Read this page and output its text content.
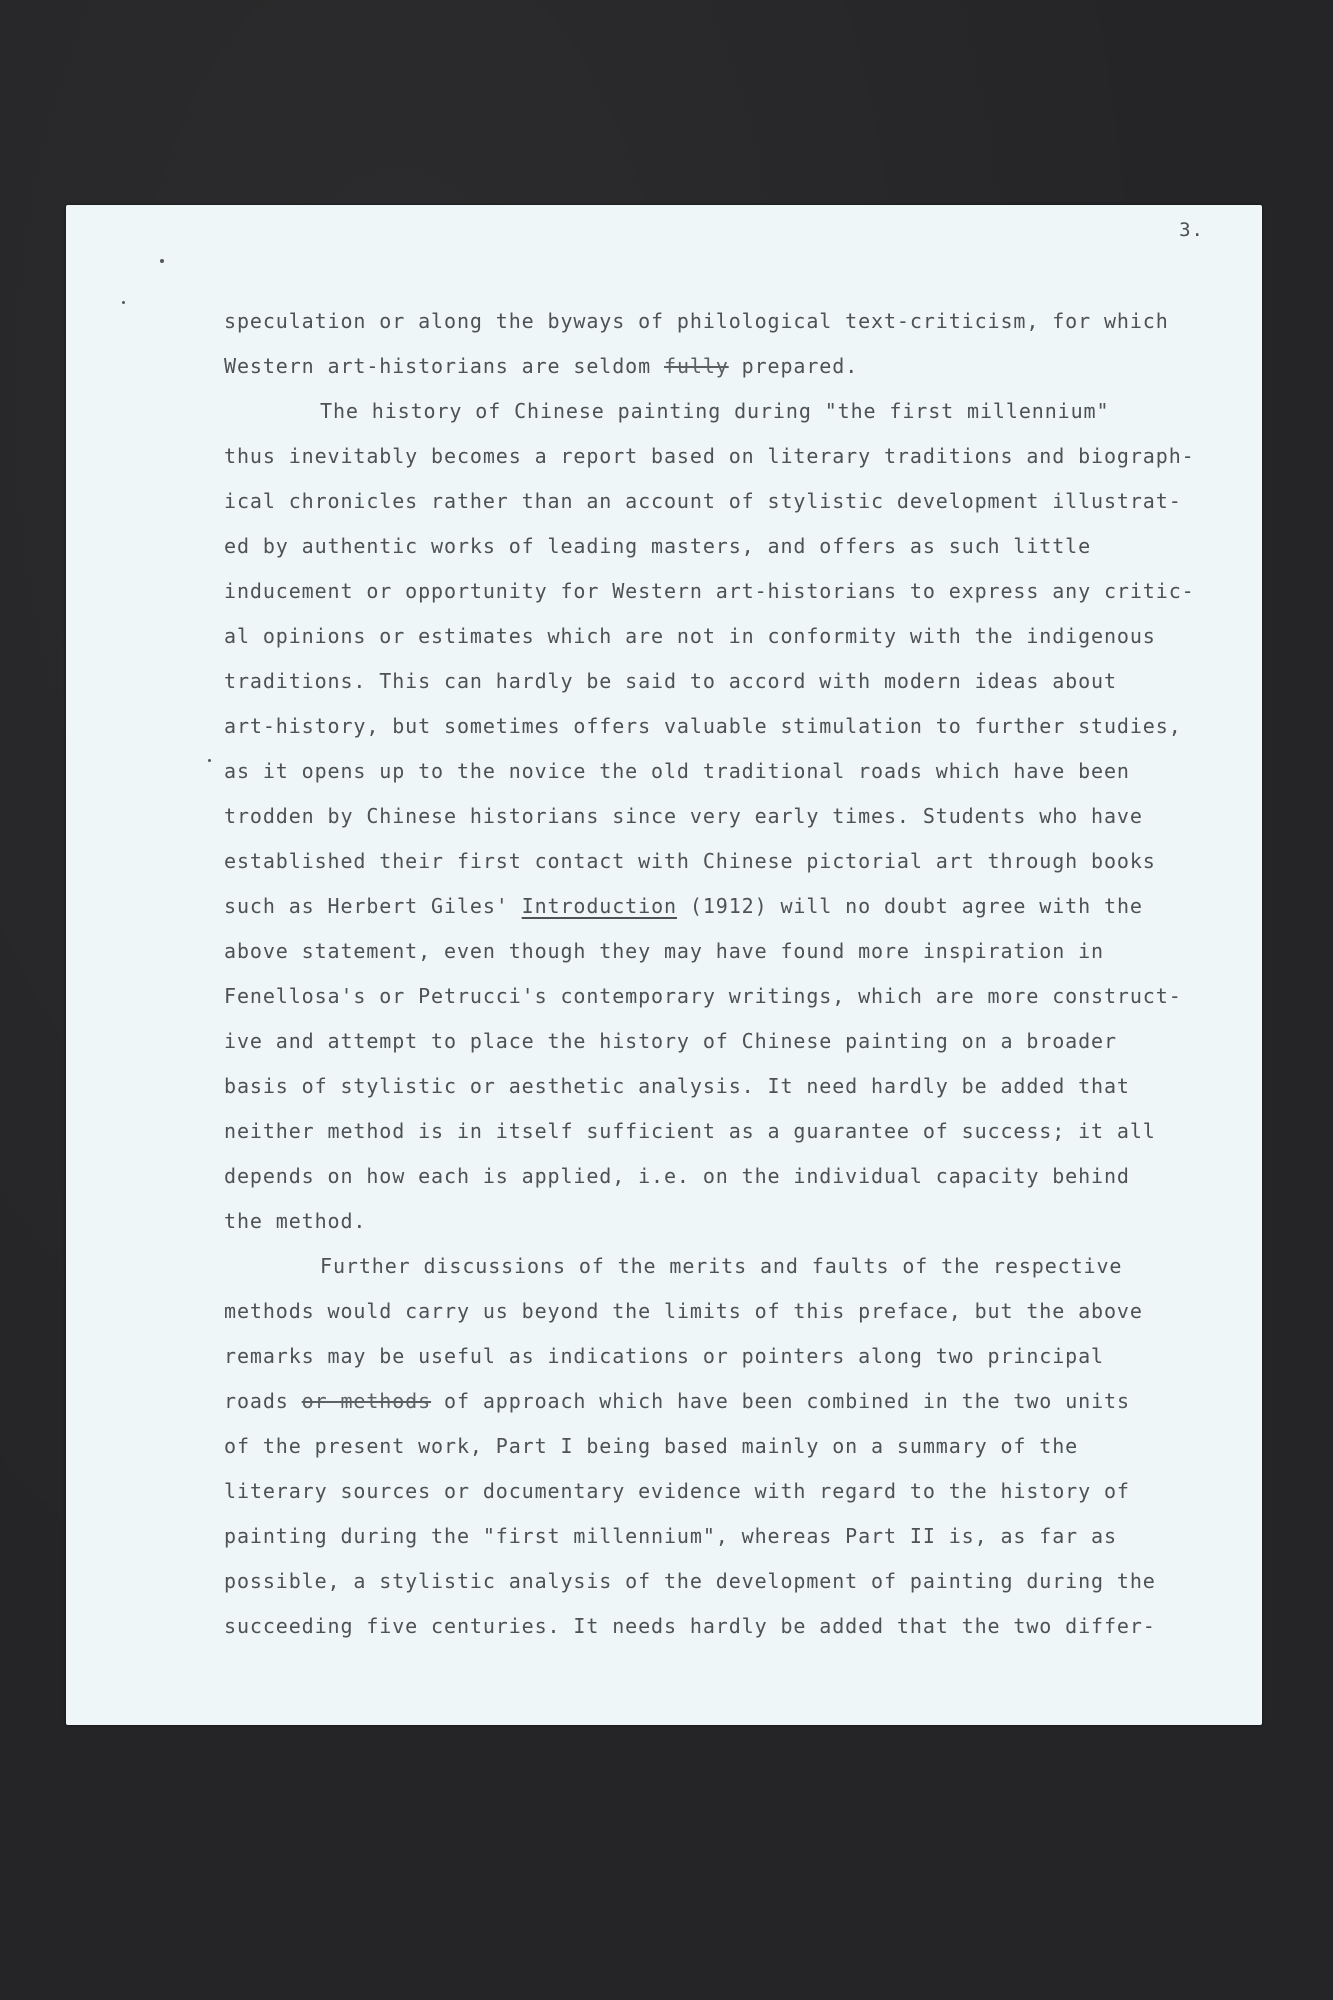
3.
speculation or along the byways of philological text-criticism, for which
Western art-historians are seldom fully prepared.
The history of Chinese painting during "the first millennium"
thus inevitably becomes a report based on literary traditions and biograph-
ical chronicles rather than an account of stylistic development illustrat-
ed by authentic works of leading masters, and offers as such little
inducement or opportunity for Western art-historians to express any critic-
al opinions or estimates which are not in conformity with the indigenous
traditions. This can hardly be said to accord with modern ideas about
art-history, but sometimes offers valuable stimulation to further studies,
as it opens up to the novice the old traditional roads which have been
trodden by Chinese historians since very early times. Students who have
established their first contact with Chinese pictorial art through books
such as Herbert Giles' Introduction (1912) will no doubt agree with the
above statement, even though they may have found more inspiration in
Fenellosa's or Petrucci's contemporary writings, which are more construct-
ive and attempt to place the history of Chinese painting on a broader
basis of stylistic or aesthetic analysis. It need hardly be added that
neither method is in itself sufficient as a guarantee of success; it all
depends on how each is applied, i.e. on the individual capacity behind
the method.
Further discussions of the merits and faults of the respective
methods would carry us beyond the limits of this preface, but the above
remarks may be useful as indications or pointers along two principal
roads or methods of approach which have been combined in the two units
of the present work, Part I being based mainly on a summary of the
literary sources or documentary evidence with regard to the history of
painting during the "first millennium", whereas Part II is, as far as
possible, a stylistic analysis of the development of painting during the
succeeding five centuries. It needs hardly be added that the two differ-
